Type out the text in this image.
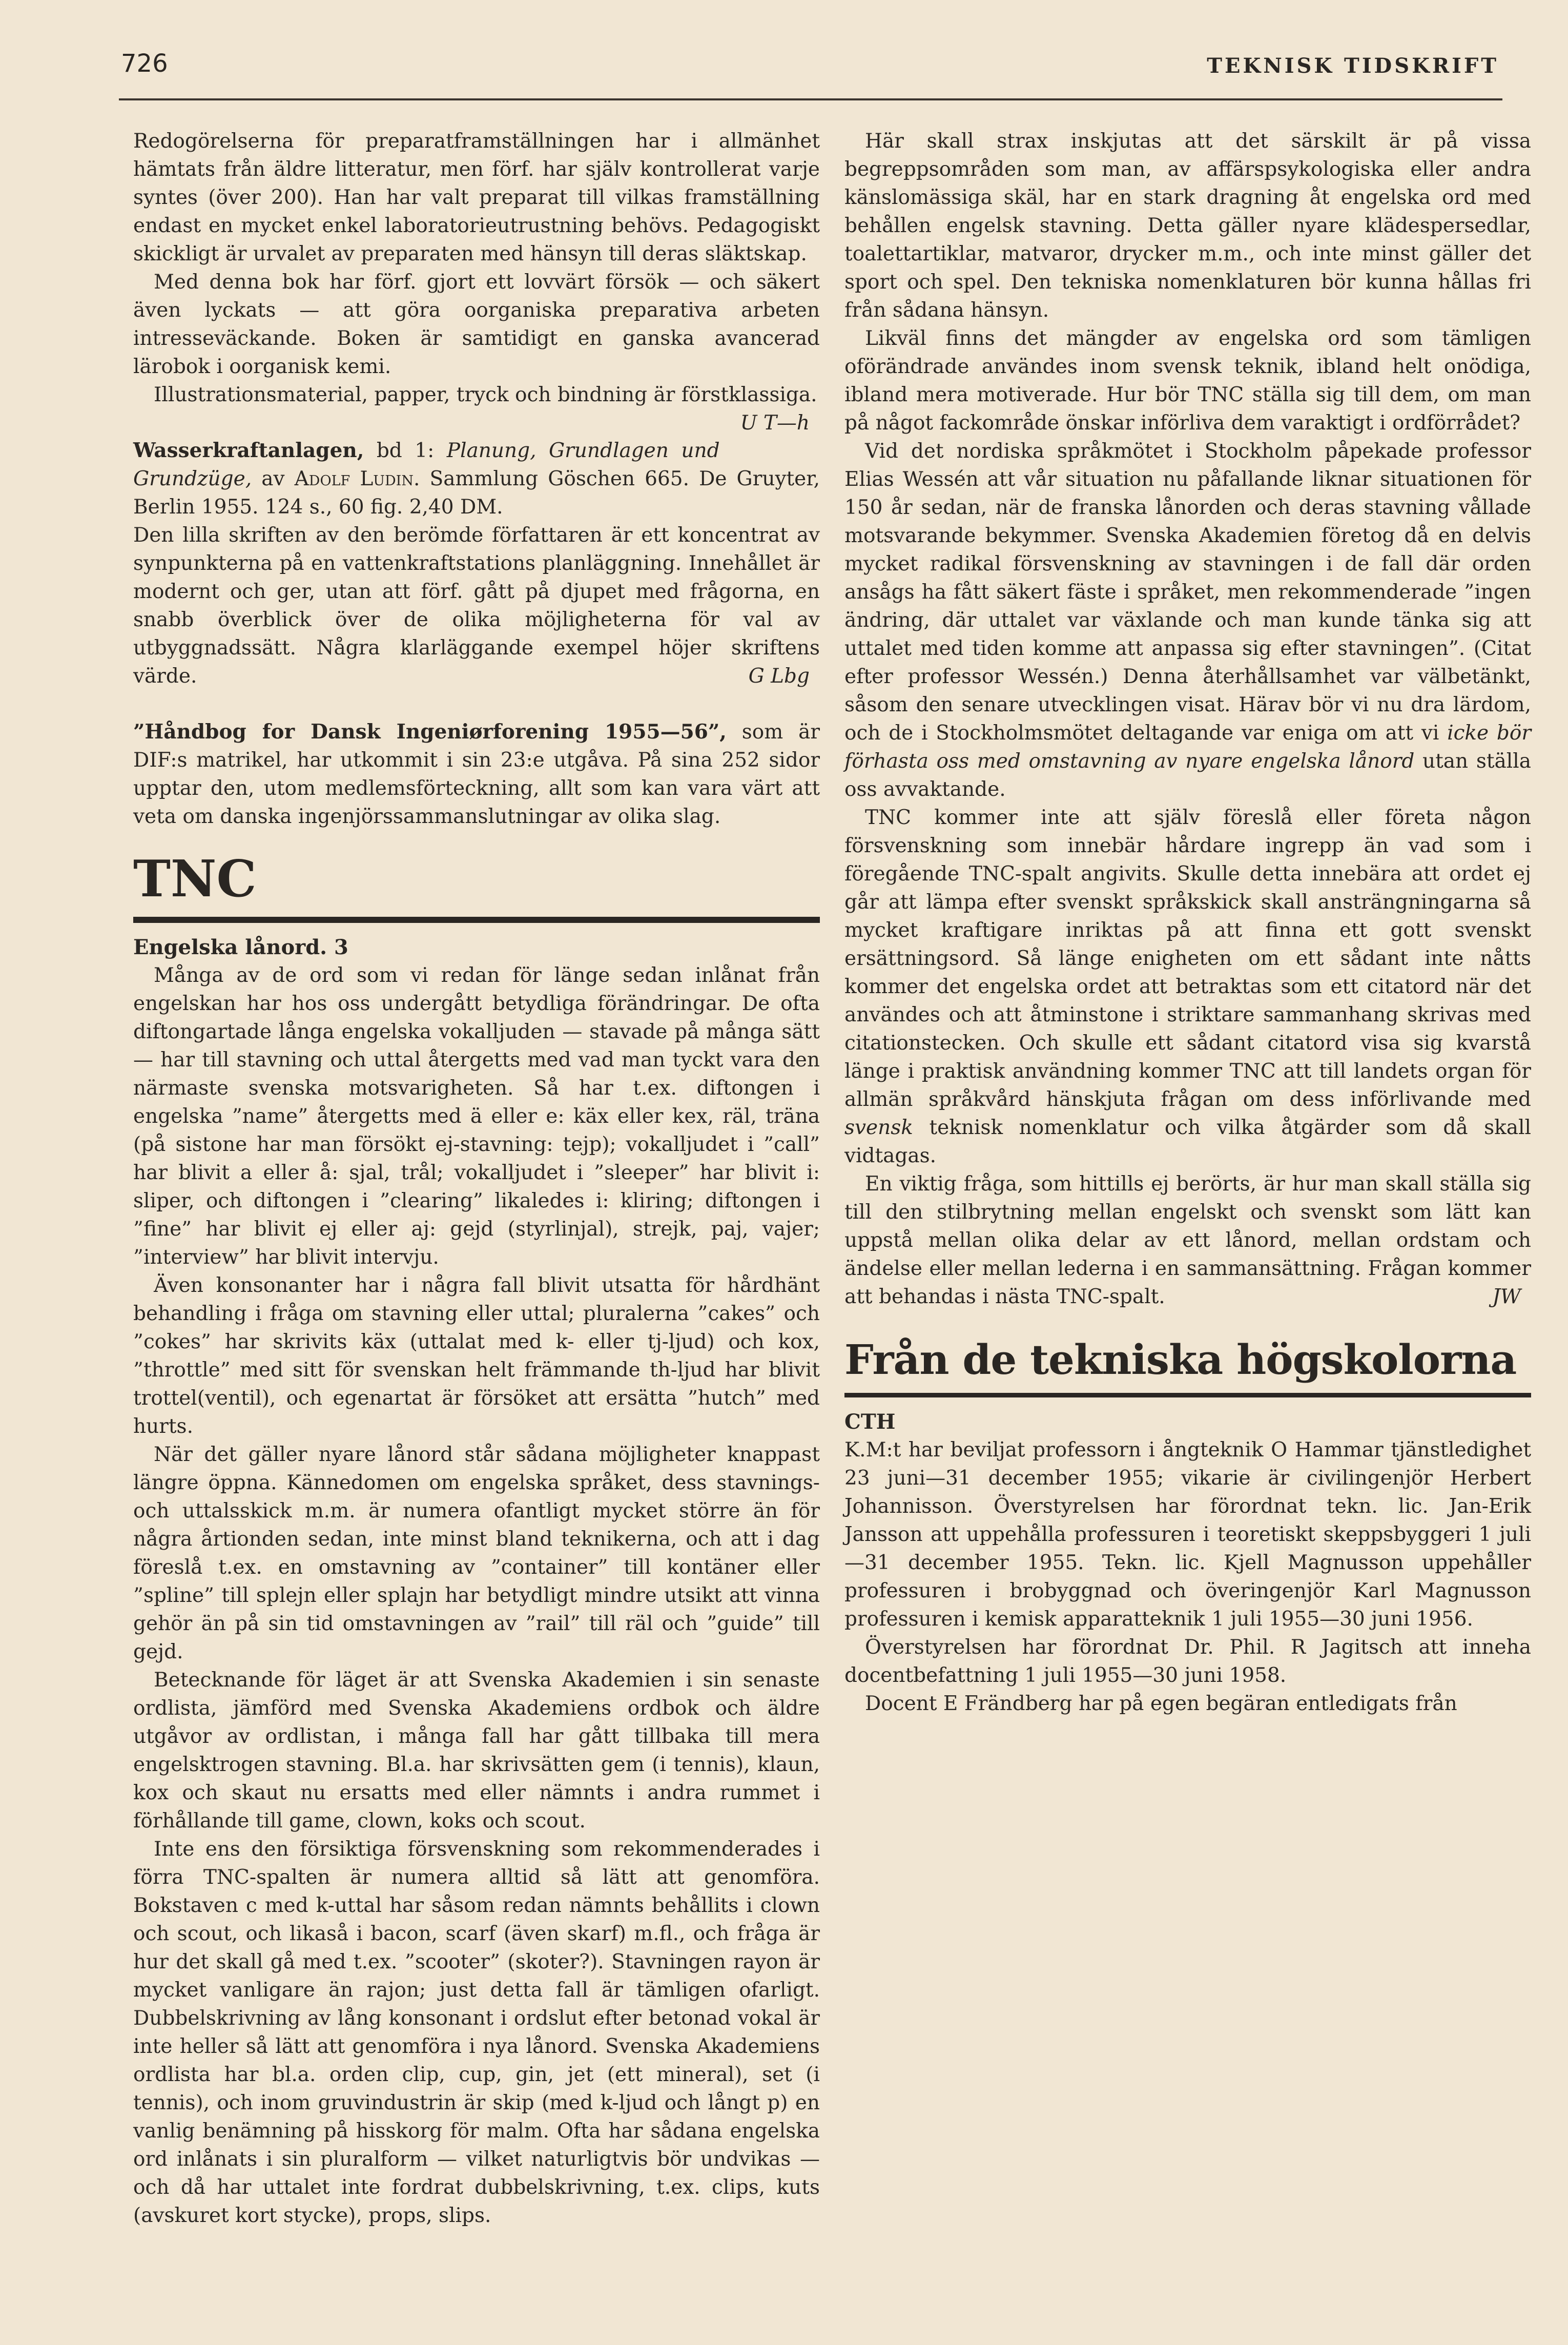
726	TEKNISK TIDSKRIFT

Redogörelserna för preparatframställningen har i allmänhet hämtats från äldre litteratur, men förf. har själv kontrollerat varje syntes (över 200). Han har valt preparat till vilkas framställning endast en mycket enkel laboratorieutrustning behövs. Pedagogiskt skickligt är urvalet av preparaten med hänsyn till deras släktskap.

Med denna bok har förf. gjort ett lovvärt försök — och säkert även lyckats — att göra oorganiska preparativa arbeten intresseväckande. Boken är samtidigt en ganska avancerad lärobok i oorganisk kemi.

Illustrationsmaterial, papper, tryck och bindning är förstklassiga.
U T—h

Wasserkraftanlagen, bd 1: Planung, Grundlagen und Grundzüge, av Adolf Ludin. Sammlung Göschen 665. De Gruyter, Berlin 1955. 124 s., 60 fig. 2,40 DM.

Den lilla skriften av den berömde författaren är ett koncentrat av synpunkterna på en vattenkraftstations planläggning. Innehållet är modernt och ger, utan att förf. gått på djupet med frågorna, en snabb överblick över de olika möjligheterna för val av utbyggnadssätt. Några klarläggande exempel höjer skriftens värde.	G Lbg

”Håndbog for Dansk Ingeniørforening 1955—56”, som är DIF:s matrikel, har utkommit i sin 23:e utgåva. På sina 252 sidor upptar den, utom medlemsförteckning, allt som kan vara värt att veta om danska ingenjörssammanslutningar av olika slag.

TNC
Engelska lånord. 3

Många av de ord som vi redan för länge sedan inlånat från engelskan har hos oss undergått betydliga förändringar. De ofta diftongartade långa engelska vokalljuden — stavade på många sätt — har till stavning och uttal återgetts med vad man tyckt vara den närmaste svenska motsvarigheten. Så har t.ex. diftongen i engelska ”name” återgetts med ä eller e: käx eller kex, räl, träna (på sistone har man försökt ej-stavning: tejp); vokalljudet i ”call” har blivit a eller å: sjal, trål; vokalljudet i ”sleeper” har blivit i: sliper, och diftongen i ”clearing” likaledes i: kliring; diftongen i ”fine” har blivit ej eller aj: gejd (styrlinjal), strejk, paj, vajer; ”interview” har blivit intervju.

Även konsonanter har i några fall blivit utsatta för hårdhänt behandling i fråga om stavning eller uttal; pluralerna ”cakes” och ”cokes” har skrivits käx (uttalat med k- eller tj-ljud) och kox, ”throttle” med sitt för svenskan helt främmande th-ljud har blivit trottel(ventil), och egenartat är försöket att ersätta ”hutch” med hurts.

När det gäller nyare lånord står sådana möjligheter knappast längre öppna. Kännedomen om engelska språket, dess stavnings- och uttalsskick m.m. är numera ofantligt mycket större än för några årtionden sedan, inte minst bland teknikerna, och att i dag föreslå t.ex. en omstavning av ”container” till kontäner eller ”spline” till splejn eller splajn har betydligt mindre utsikt att vinna gehör än på sin tid omstavningen av ”rail” till räl och ”guide” till gejd.

Betecknande för läget är att Svenska Akademien i sin senaste ordlista, jämförd med Svenska Akademiens ordbok och äldre utgåvor av ordlistan, i många fall har gått tillbaka till mera engelsktrogen stavning. Bl.a. har skrivsätten gem (i tennis), klaun, kox och skaut nu ersatts med eller nämnts i andra rummet i förhållande till game, clown, koks och scout.

Inte ens den försiktiga försvenskning som rekommenderades i förra TNC-spalten är numera alltid så lätt att genomföra. Bokstaven c med k-uttal har såsom redan nämnts behållits i clown och scout, och likaså i bacon, scarf (även skarf) m.fl., och fråga är hur det skall gå med t.ex. ”scooter” (skoter?). Stavningen rayon är mycket vanligare än rajon; just detta fall är tämligen ofarligt. Dubbelskrivning av lång konsonant i ordslut efter betonad vokal är inte heller så lätt att genomföra i nya lånord. Svenska Akademiens ordlista har bl.a. orden clip, cup, gin, jet (ett mineral), set (i tennis), och inom gruvindustrin är skip (med k-ljud och långt p) en vanlig benämning på hisskorg för malm. Ofta har sådana engelska ord inlånats i sin pluralform — vilket naturligtvis bör undvikas — och då har uttalet inte fordrat dubbelskrivning, t.ex. clips, kuts (avskuret kort stycke), props, slips.

Här skall strax inskjutas att det särskilt är på vissa begreppsområden som man, av affärspsykologiska eller andra känslomässiga skäl, har en stark dragning åt engelska ord med behållen engelsk stavning. Detta gäller nyare klädespersedlar, toalettartiklar, matvaror, drycker m.m., och inte minst gäller det sport och spel. Den tekniska nomenklaturen bör kunna hållas fri från sådana hänsyn.

Likväl finns det mängder av engelska ord som tämligen oförändrade användes inom svensk teknik, ibland helt onödiga, ibland mera motiverade. Hur bör TNC ställa sig till dem, om man på något fackområde önskar införliva dem varaktigt i ordförrådet?

Vid det nordiska språkmötet i Stockholm påpekade professor Elias Wessén att vår situation nu påfallande liknar situationen för 150 år sedan, när de franska lånorden och deras stavning vållade motsvarande bekymmer. Svenska Akademien företog då en delvis mycket radikal försvenskning av stavningen i de fall där orden ansågs ha fått säkert fäste i språket, men rekommenderade ”ingen ändring, där uttalet var växlande och man kunde tänka sig att uttalet med tiden komme att anpassa sig efter stavningen”. (Citat efter professor Wessén.) Denna återhållsamhet var välbetänkt, såsom den senare utvecklingen visat. Härav bör vi nu dra lärdom, och de i Stockholmsmötet deltagande var eniga om att vi icke bör förhasta oss med omstavning av nyare engelska lånord utan ställa oss avvaktande.

TNC kommer inte att själv föreslå eller företa någon försvenskning som innebär hårdare ingrepp än vad som i föregående TNC-spalt angivits. Skulle detta innebära att ordet ej går att lämpa efter svenskt språkskick skall ansträngningarna så mycket kraftigare inriktas på att finna ett gott svenskt ersättningsord. Så länge enigheten om ett sådant inte nåtts kommer det engelska ordet att betraktas som ett citatord när det användes och att åtminstone i striktare sammanhang skrivas med citationstecken. Och skulle ett sådant citatord visa sig kvarstå länge i praktisk användning kommer TNC att till landets organ för allmän språkvård hänskjuta frågan om dess införlivande med svensk teknisk nomenklatur och vilka åtgärder som då skall vidtagas.

En viktig fråga, som hittills ej berörts, är hur man skall ställa sig till den stilbrytning mellan engelskt och svenskt som lätt kan uppstå mellan olika delar av ett lånord, mellan ordstam och ändelse eller mellan lederna i en sammansättning. Frågan kommer att behandas i nästa TNC-spalt.	JW

Från de tekniska högskolorna
CTH

K.M:t har beviljat professorn i ångteknik O Hammar tjänstledighet 23 juni—31 december 1955; vikarie är civilingenjör Herbert Johannisson. Överstyrelsen har förordnat tekn. lic. Jan-Erik Jansson att uppehålla professuren i teoretiskt skeppsbyggeri 1 juli—31 december 1955. Tekn. lic. Kjell Magnusson uppehåller professuren i brobyggnad och överingenjör Karl Magnusson professuren i kemisk apparatteknik 1 juli 1955—30 juni 1956.

Överstyrelsen har förordnat Dr. Phil. R Jagitsch att inneha docentbefattning 1 juli 1955—30 juni 1958.

Docent E Frändberg har på egen begäran entledigats från
